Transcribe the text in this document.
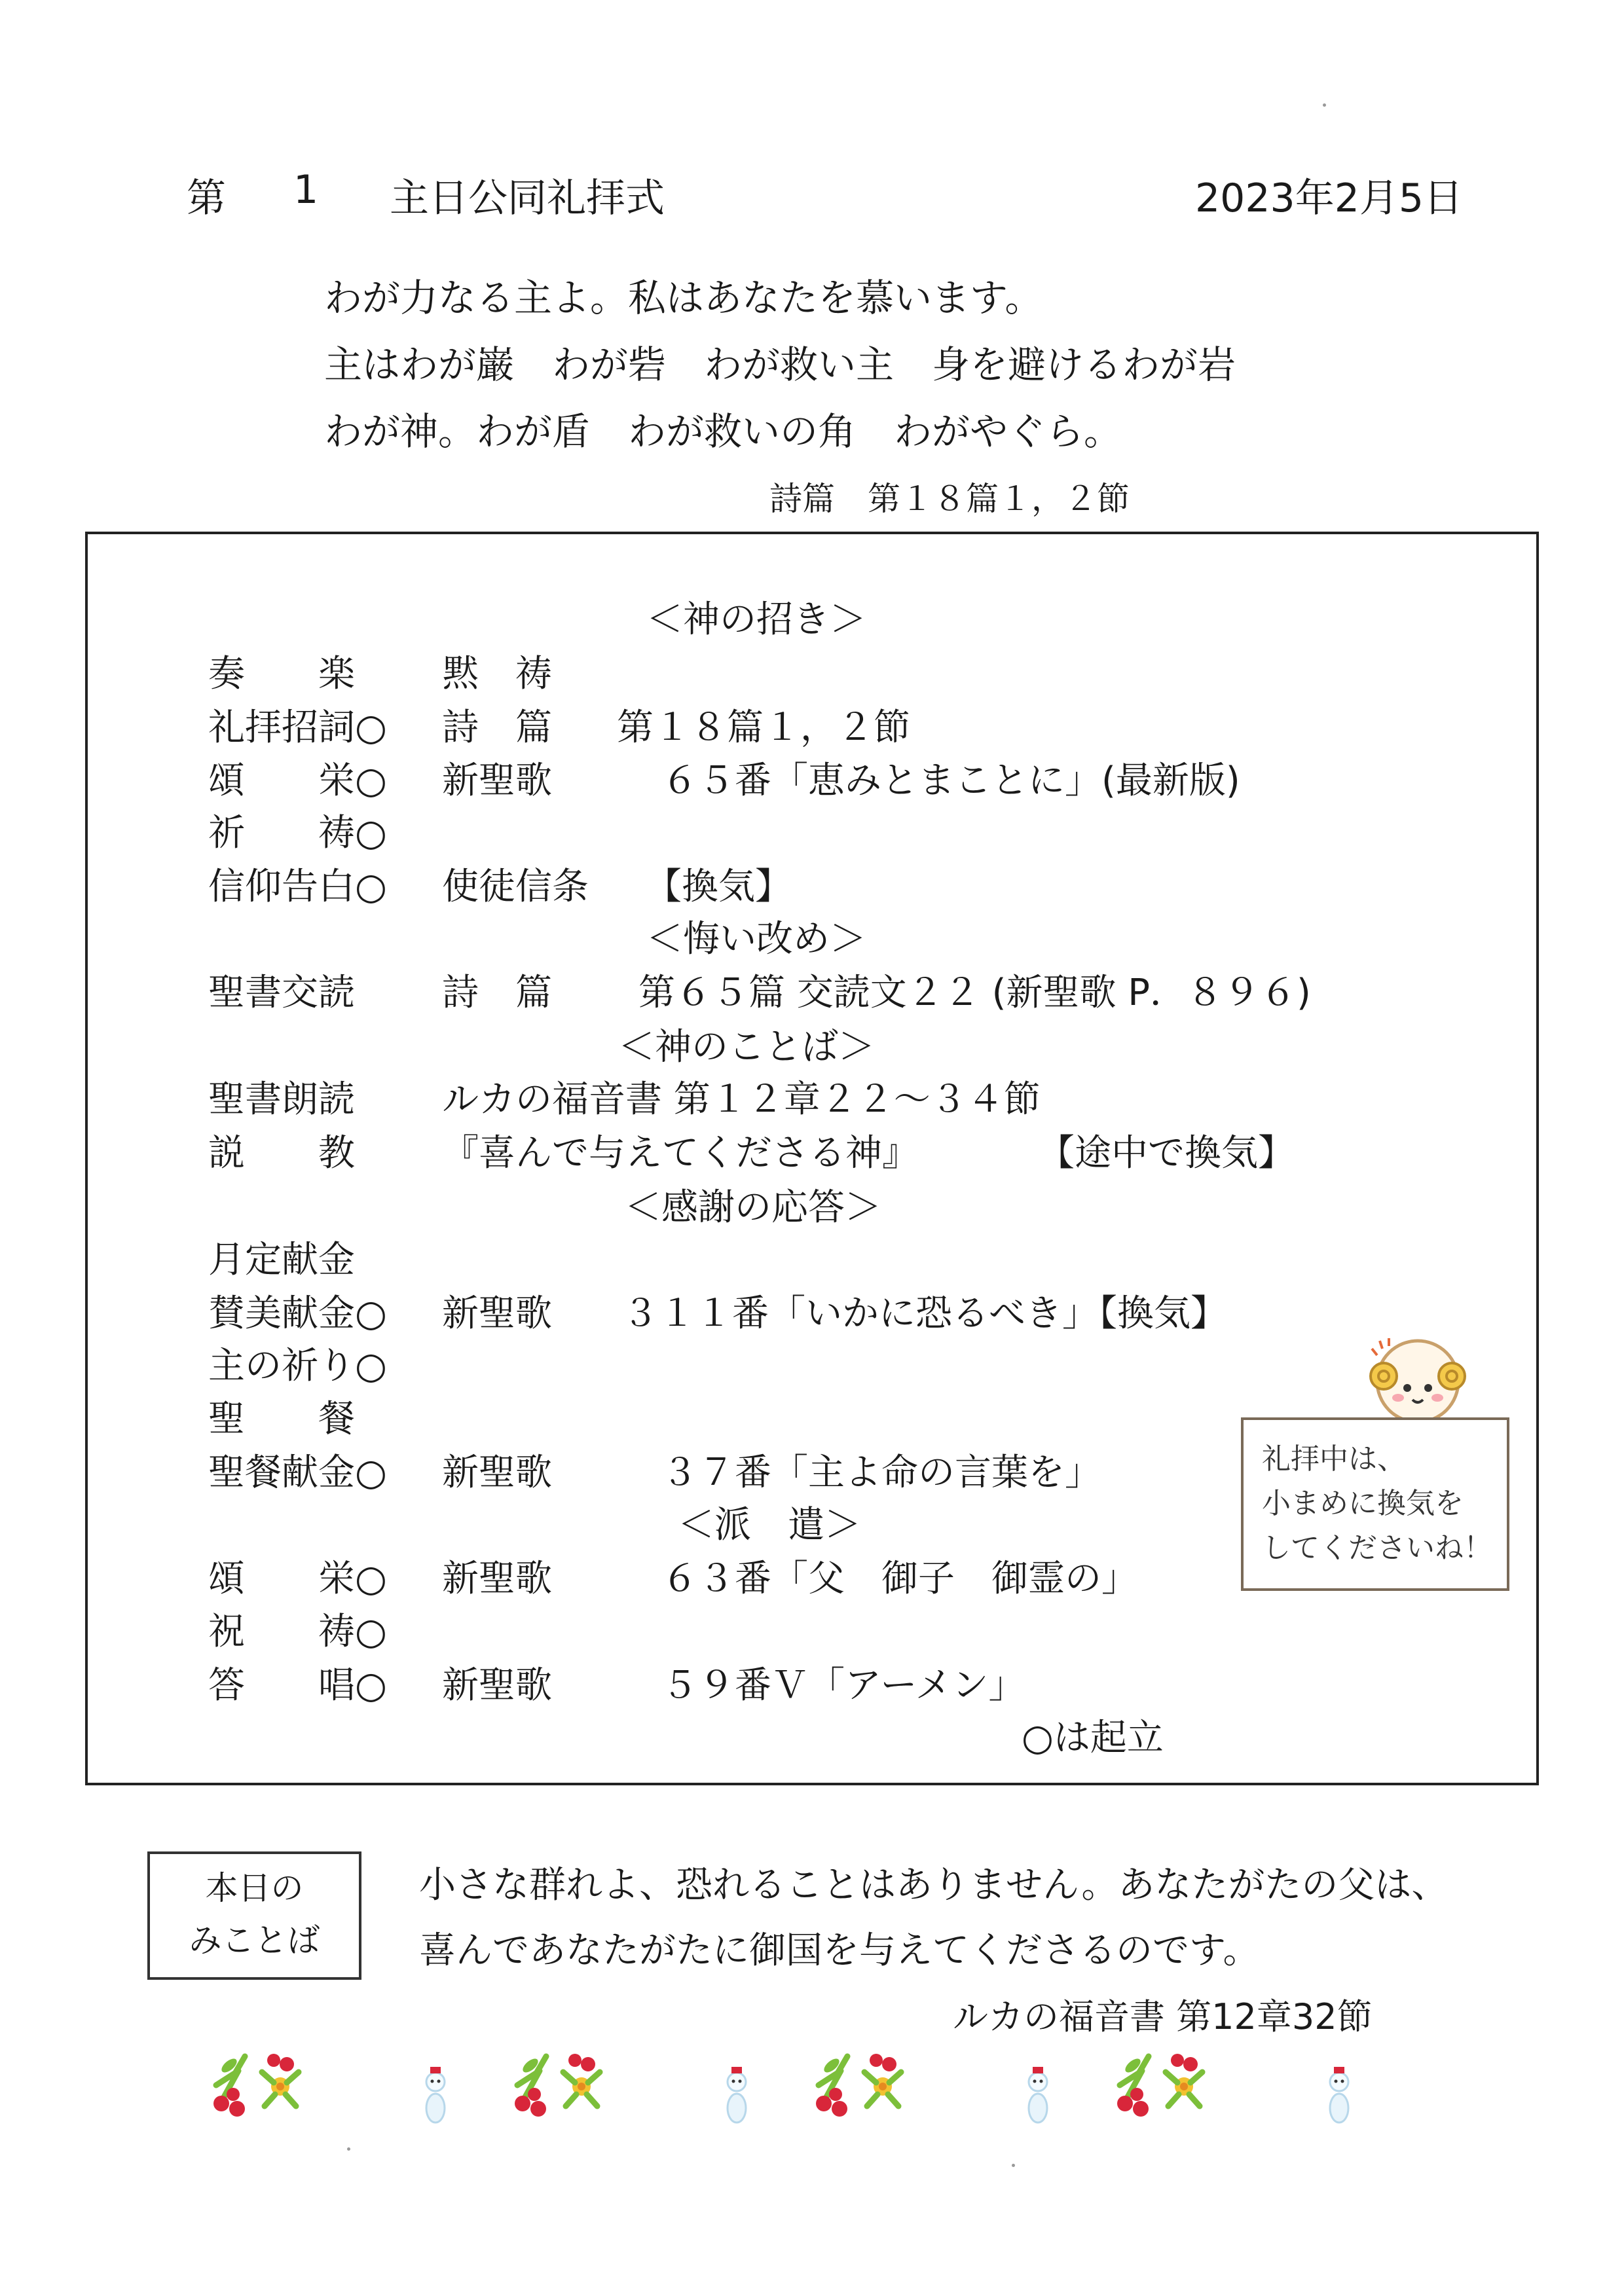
第 1 主日公同礼拝式	2023年2月5日
わが力なる主よ。私はあなたを慕います。
主はわが巌　わが砦　わが救い主　身を避けるわが岩
わが神。わが盾　わが救いの角　わがやぐら。
詩篇　第１８篇１，２節
＜神の招き＞
奏　　楽 黙　祷
礼拝招詞○ 詩　篇 第１８篇１，２節
頌　　栄○ 新聖歌	６５番「恵みとまことに」(最新版)
祈　　祷○
信仰告白○ 使徒信条 【換気】
＜悔い改め＞
聖書交読 詩　篇 第６５篇 交読文２２ (新聖歌 P．８９６)
＜神のことば＞
聖書朗読 ルカの福音書 第１２章２２～３４節
説　　教 『喜んで与えてくださる神』	【途中で換気】
＜感謝の応答＞
月定献金
賛美献金○ 新聖歌 ３１１番「いかに恐るべき」【換気】
主の祈り○
聖　　餐
聖餐献金○ 新聖歌	３７番「主よ命の言葉を」
＜派　遣＞
頌　　栄○ 新聖歌	６３番「父　御子　御霊の」
祝　　祷○
答　　唱○ 新聖歌	５９番Ｖ「アーメン」
○は起立
礼拝中は、
小まめに換気を
してくださいね！
本日の
みことば
小さな群れよ、恐れることはありません。あなたがたの父は、
喜んであなたがたに御国を与えてくださるのです。
ルカの福音書 第12章32節
